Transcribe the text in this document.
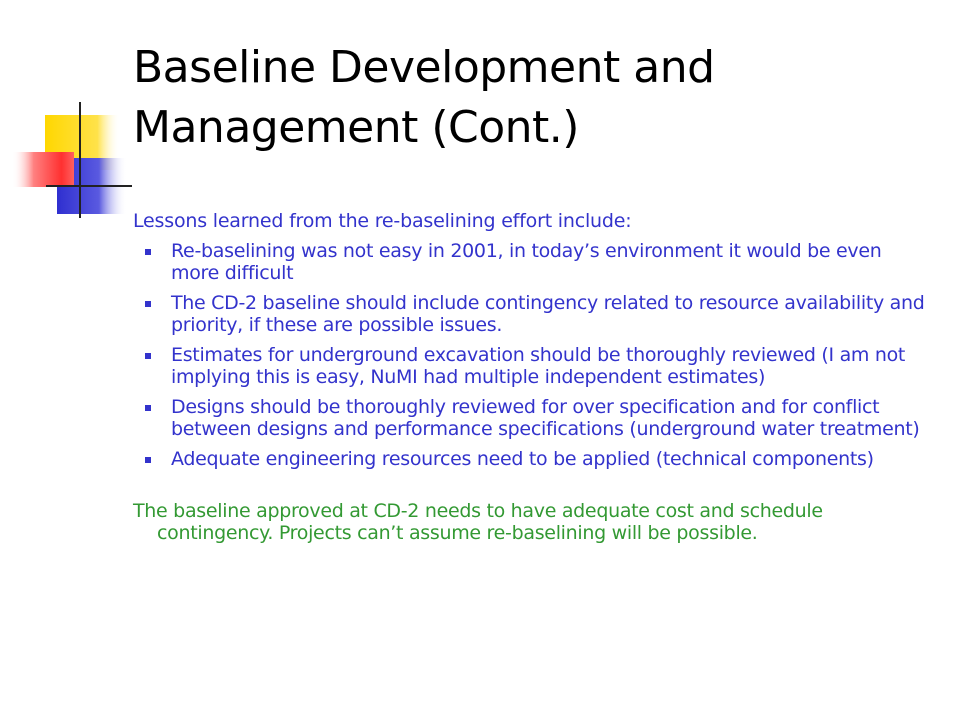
Baseline Development and
Management (Cont.)

Lessons learned from the re-baselining effort include:

Re-baselining was not easy in 2001, in today’s environment it would be even more difficult
The CD-2 baseline should include contingency related to resource availability and priority, if these are possible issues.
Estimates for underground excavation should be thoroughly reviewed (I am not implying this is easy, NuMI had multiple independent estimates)
Designs should be thoroughly reviewed for over specification and for conflict between designs and performance specifications (underground water treatment)
Adequate engineering resources need to be applied (technical components)

The baseline approved at CD-2 needs to have adequate cost and schedule contingency. Projects can’t assume re-baselining will be possible.
